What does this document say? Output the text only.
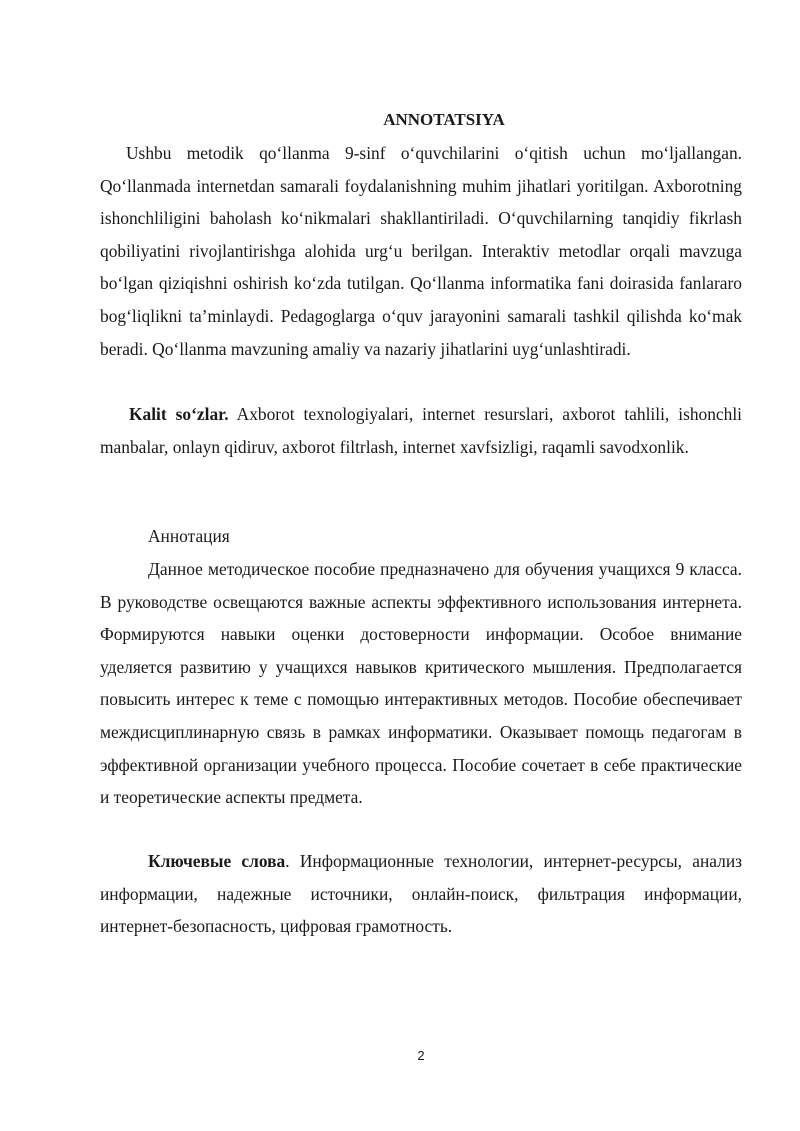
ANNOTATSIYA

Ushbu metodik qo‘llanma 9-sinf o‘quvchilarini o‘qitish uchun mo‘ljallangan. Qo‘llanmada internetdan samarali foydalanishning muhim jihatlari yoritilgan. Axborotning ishonchliligini baholash ko‘nikmalari shakllantiriladi. O‘quvchilarning tanqidiy fikrlash qobiliyatini rivojlantirishga alohida urg‘u berilgan. Interaktiv metodlar orqali mavzuga bo‘lgan qiziqishni oshirish ko‘zda tutilgan. Qo‘llanma informatika fani doirasida fanlararo bog‘liqlikni ta’minlaydi. Pedagoglarga o‘quv jarayonini samarali tashkil qilishda ko‘mak beradi. Qo‘llanma mavzuning amaliy va nazariy jihatlarini uyg‘unlashtiradi.

Kalit so‘zlar. Axborot texnologiyalari, internet resurslari, axborot tahlili, ishonchli manbalar, onlayn qidiruv, axborot filtrlash, internet xavfsizligi, raqamli savodxonlik.

Аннотация

Данное методическое пособие предназначено для обучения учащихся 9 класса. В руководстве освещаются важные аспекты эффективного использования интернета. Формируются навыки оценки достоверности информации. Особое внимание уделяется развитию у учащихся навыков критического мышления. Предполагается повысить интерес к теме с помощью интерактивных методов. Пособие обеспечивает междисциплинарную связь в рамках информатики. Оказывает помощь педагогам в эффективной организации учебного процесса. Пособие сочетает в себе практические и теоретические аспекты предмета.

Ключевые слова. Информационные технологии, интернет-ресурсы, анализ информации, надежные источники, онлайн-поиск, фильтрация информации, интернет-безопасность, цифровая грамотность.

2
